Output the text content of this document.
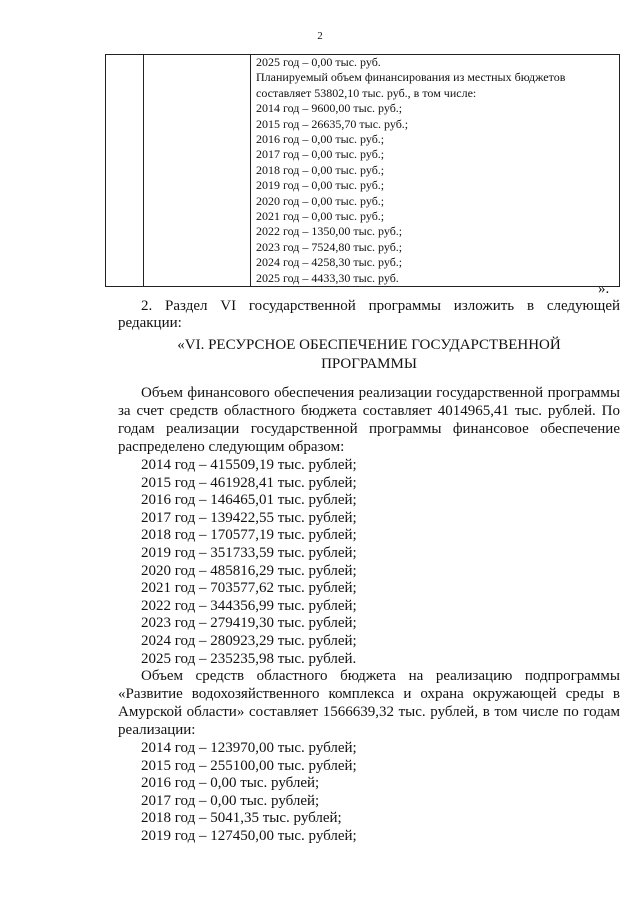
2

2025 год – 0,00 тыс. руб.
Планируемый объем финансирования из местных бюджетов
составляет 53802,10 тыс. руб., в том числе:
2014 год – 9600,00 тыс. руб.;
2015 год – 26635,70 тыс. руб.;
2016 год – 0,00 тыс. руб.;
2017 год – 0,00 тыс. руб.;
2018 год – 0,00 тыс. руб.;
2019 год – 0,00 тыс. руб.;
2020 год – 0,00 тыс. руб.;
2021 год – 0,00 тыс. руб.;
2022 год – 1350,00 тыс. руб.;
2023 год – 7524,80 тыс. руб.;
2024 год – 4258,30 тыс. руб.;
2025 год – 4433,30 тыс. руб.
».
2. Раздел VI государственной программы изложить в следующей
редакции:
«VI. РЕСУРСНОЕ ОБЕСПЕЧЕНИЕ ГОСУДАРСТВЕННОЙ
ПРОГРАММЫ
Объем финансового обеспечения реализации государственной программы
за счет средств областного бюджета составляет 4014965,41 тыс. рублей. По
годам реализации государственной программы финансовое обеспечение
распределено следующим образом:
2014 год – 415509,19 тыс. рублей;
2015 год – 461928,41 тыс. рублей;
2016 год – 146465,01 тыс. рублей;
2017 год – 139422,55 тыс. рублей;
2018 год – 170577,19 тыс. рублей;
2019 год – 351733,59 тыс. рублей;
2020 год – 485816,29 тыс. рублей;
2021 год – 703577,62 тыс. рублей;
2022 год – 344356,99 тыс. рублей;
2023 год – 279419,30 тыс. рублей;
2024 год – 280923,29 тыс. рублей;
2025 год – 235235,98 тыс. рублей.
Объем средств областного бюджета на реализацию подпрограммы
«Развитие водохозяйственного комплекса и охрана окружающей среды в
Амурской области» составляет 1566639,32 тыс. рублей, в том числе по годам
реализации:
2014 год – 123970,00 тыс. рублей;
2015 год – 255100,00 тыс. рублей;
2016 год – 0,00 тыс. рублей;
2017 год – 0,00 тыс. рублей;
2018 год – 5041,35 тыс. рублей;
2019 год – 127450,00 тыс. рублей;
